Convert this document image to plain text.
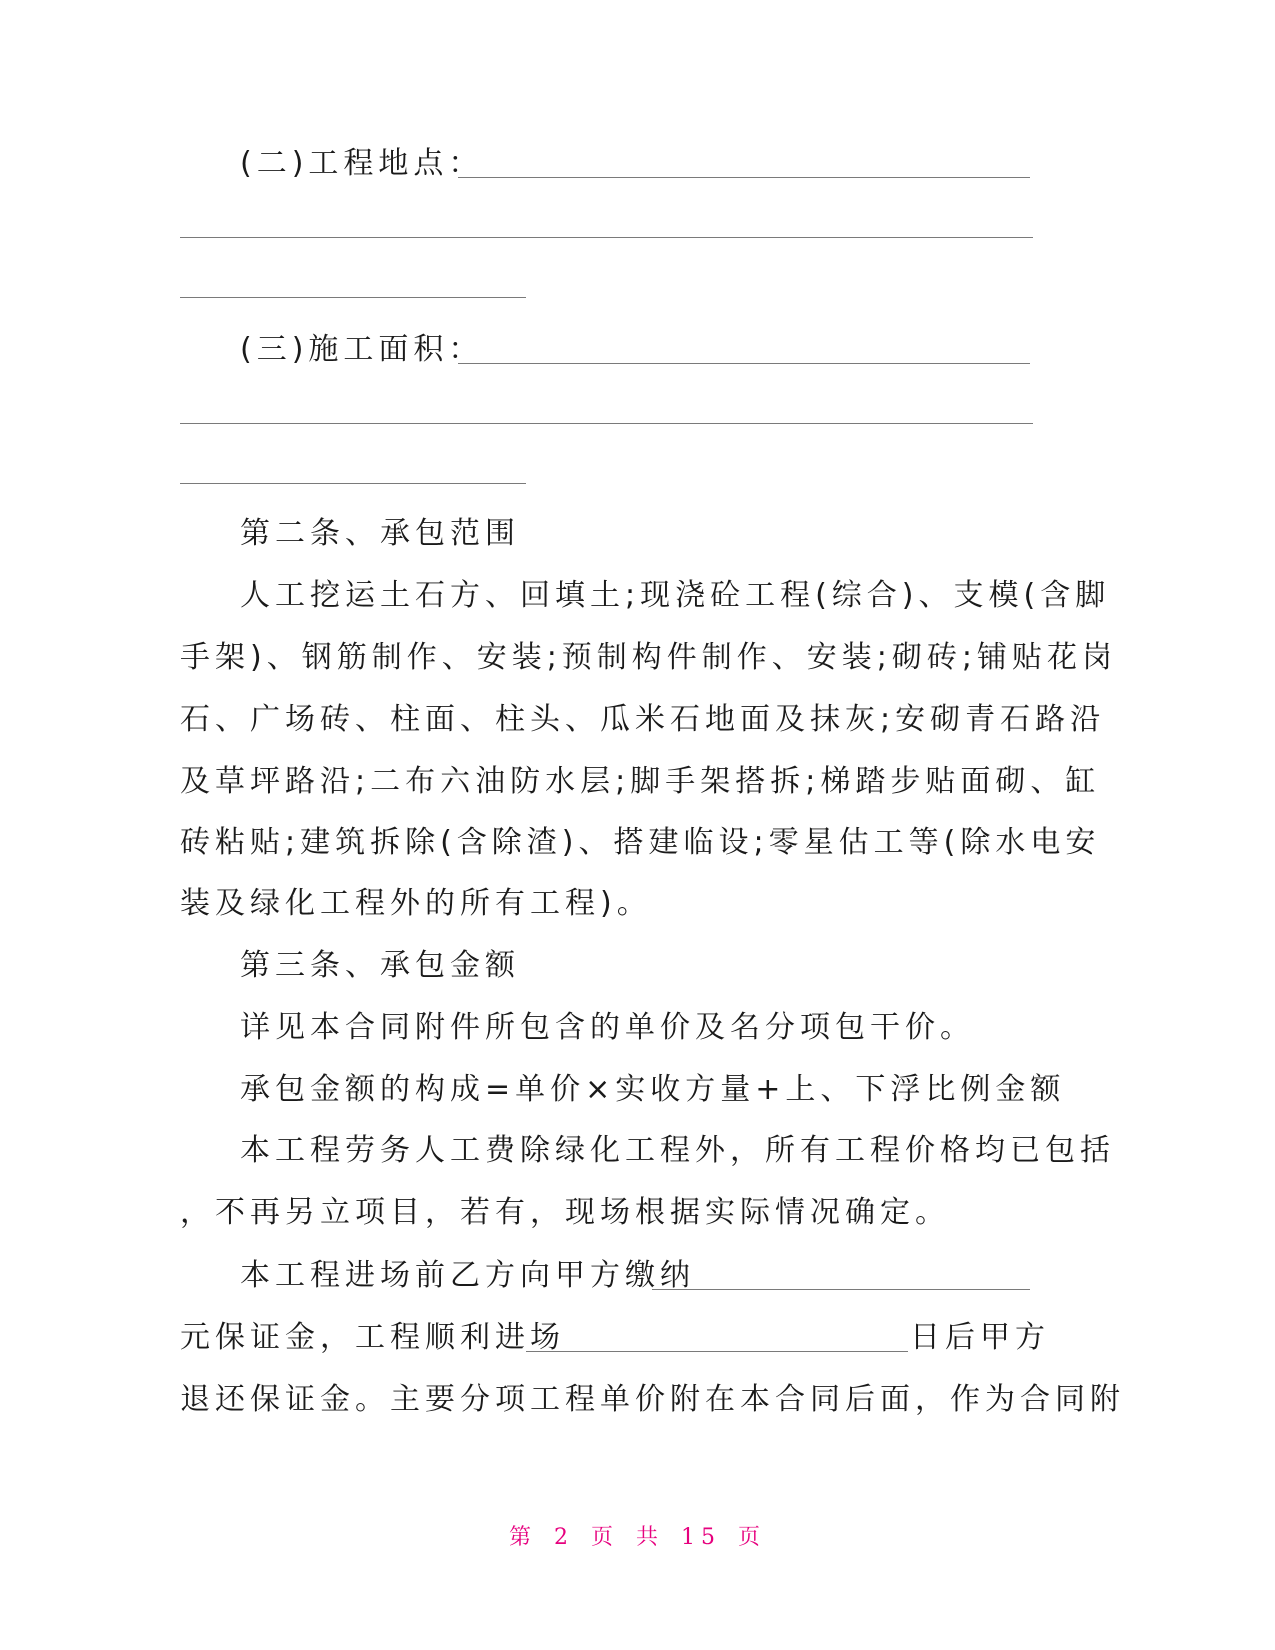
(二)工程地点：
(三)施工面积：
第二条、承包范围
人工挖运土石方、回填土;现浇砼工程(综合)、支模(含脚
手架)、钢筋制作、安装;预制构件制作、安装;砌砖;铺贴花岗
石、广场砖、柱面、柱头、瓜米石地面及抹灰;安砌青石路沿
及草坪路沿;二布六油防水层;脚手架搭拆;梯踏步贴面砌、缸
砖粘贴;建筑拆除(含除渣)、搭建临设;零星估工等(除水电安
装及绿化工程外的所有工程)。
第三条、承包金额
详见本合同附件所包含的单价及名分项包干价。
承包金额的构成=单价×实收方量+上、下浮比例金额
本工程劳务人工费除绿化工程外，所有工程价格均已包括
，不再另立项目，若有，现场根据实际情况确定。
本工程进场前乙方向甲方缴纳
元保证金，工程顺利进场	日后甲方
退还保证金。主要分项工程单价附在本合同后面，作为合同附
第 2 页 共 15 页
